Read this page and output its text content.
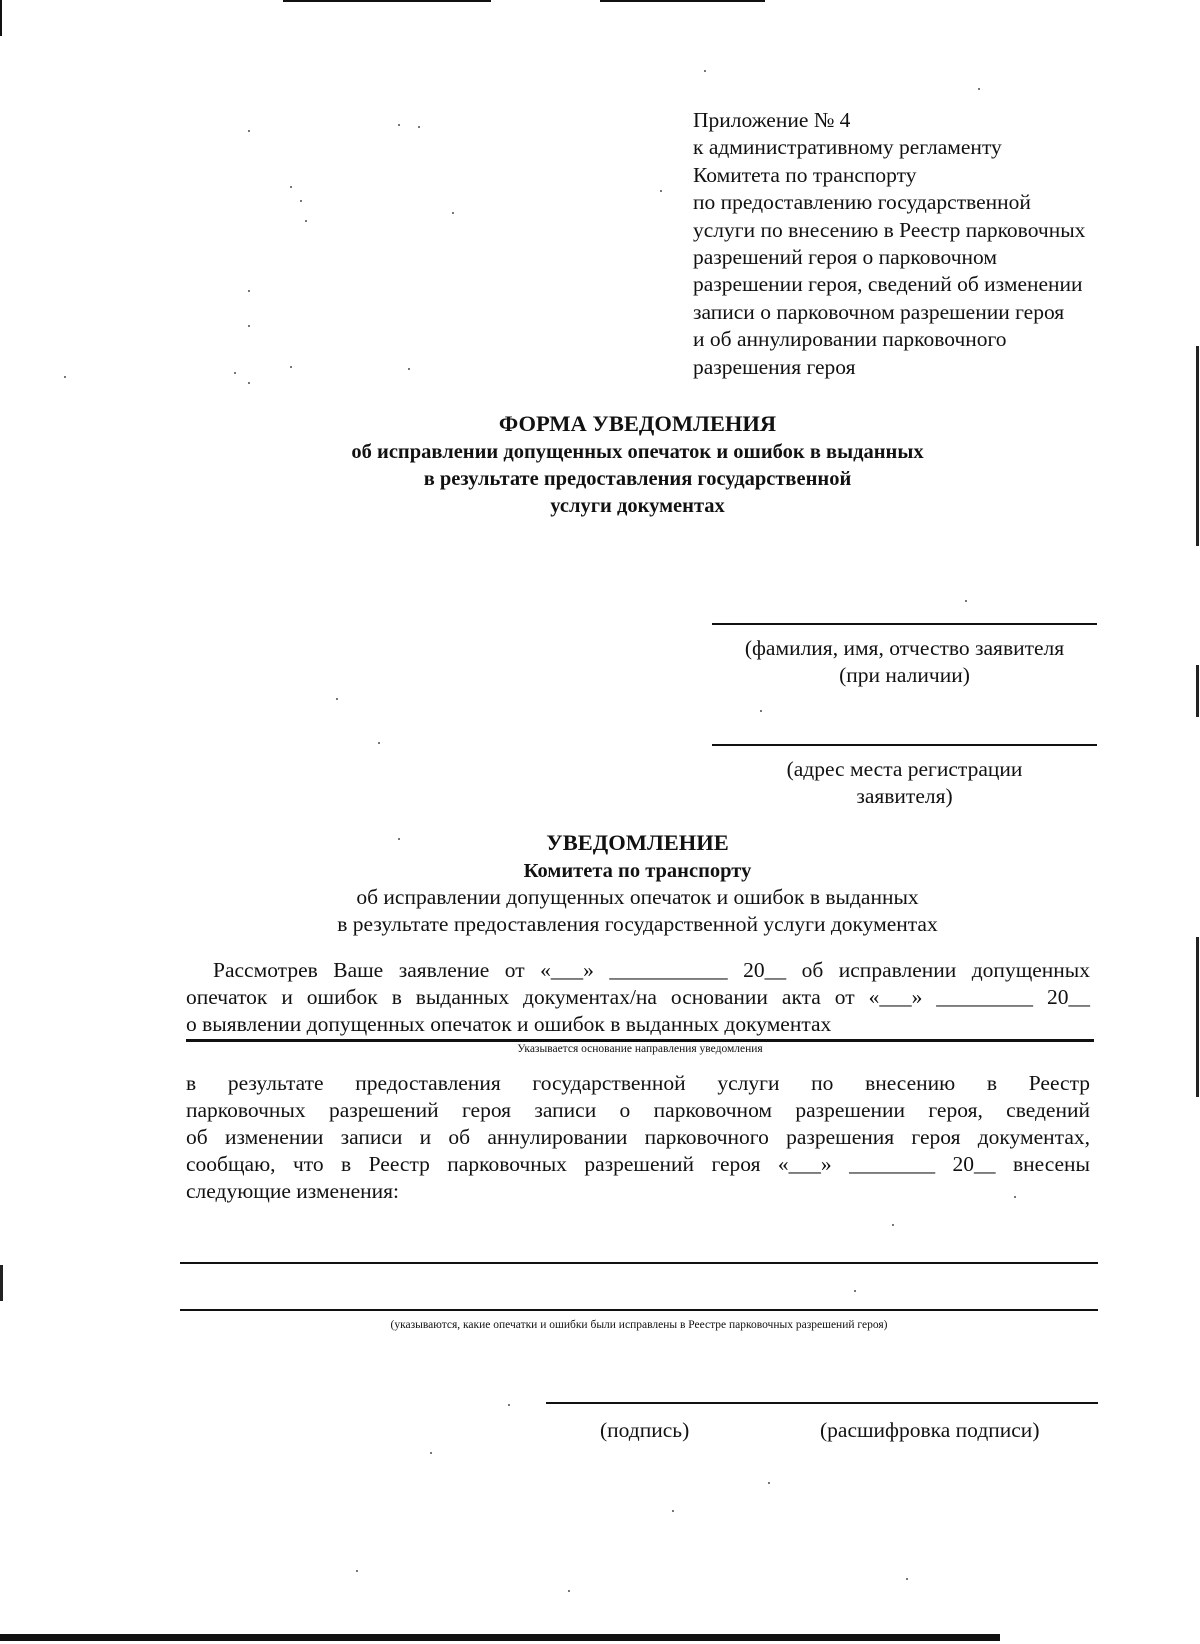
Приложение № 4
к административному регламенту
Комитета по транспорту
по предоставлению государственной
услуги по внесению в Реестр парковочных
разрешений героя о парковочном
разрешении героя, сведений об изменении
записи о парковочном разрешении героя
и об аннулировании парковочного
разрешения героя
ФОРМА УВЕДОМЛЕНИЯ
об исправлении допущенных опечаток и ошибок в выданных
в результате предоставления государственной
услуги документах
(фамилия, имя, отчество заявителя
(при наличии)
(адрес места регистрации
заявителя)
УВЕДОМЛЕНИЕ
Комитета по транспорту
об исправлении допущенных опечаток и ошибок в выданных
в результате предоставления государственной услуги документах
Рассмотрев Ваше заявление от «___» ___________ 20__ об исправлении допущенных
опечаток и ошибок в выданных документах/на основании акта от «___» _________ 20__
о выявлении допущенных опечаток и ошибок в выданных документах
Указывается основание направления уведомления
в результате предоставления государственной услуги по внесению в Реестр
парковочных разрешений героя записи о парковочном разрешении героя, сведений
об изменении записи и об аннулировании парковочного разрешения героя документах,
сообщаю, что в Реестр парковочных разрешений героя «___» ________ 20__ внесены
следующие изменения:
(указываются, какие опечатки и ошибки были исправлены в Реестре парковочных разрешений героя)
(подпись)	(расшифровка подписи)
